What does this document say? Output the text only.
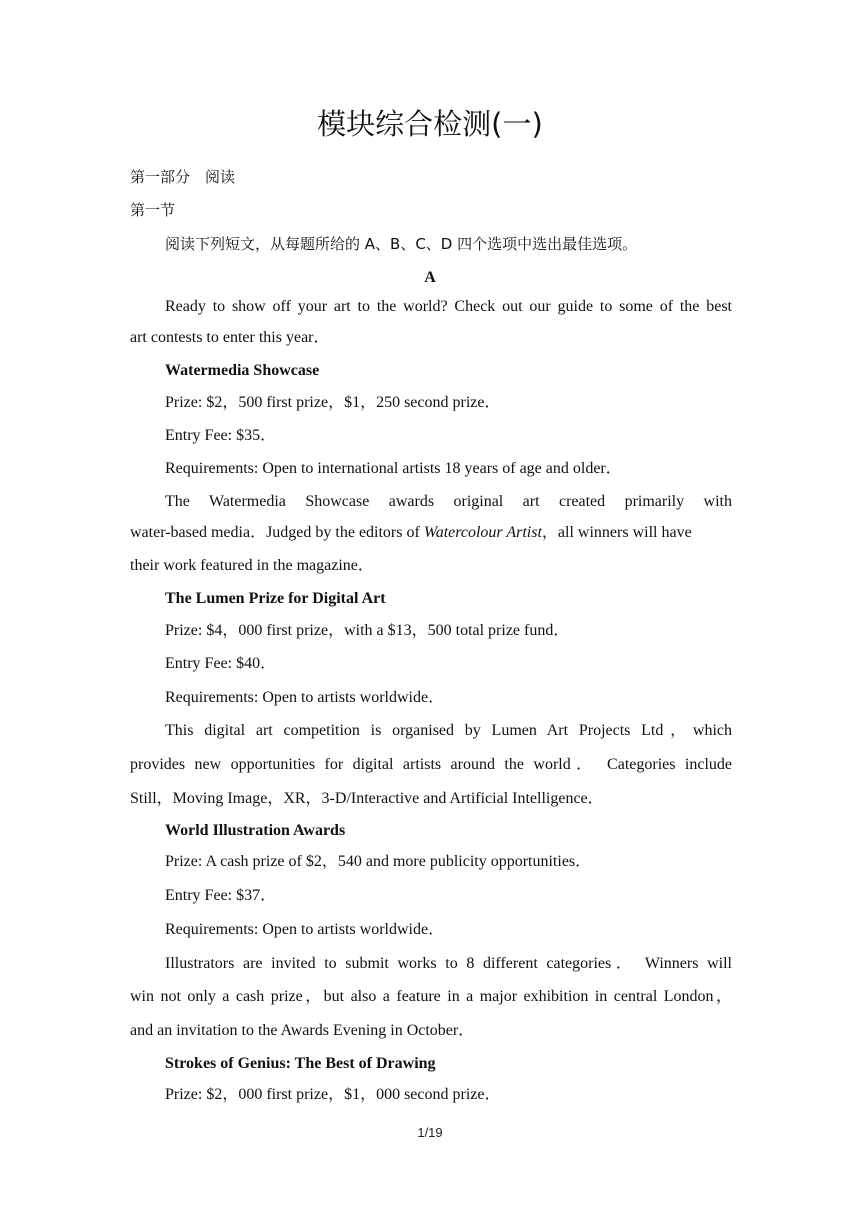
模块综合检测(一)
第一部分　阅读
第一节
阅读下列短文，从每题所给的 A、B、C、D 四个选项中选出最佳选项。
A
Ready to show off your art to the world? Check out our guide to some of the best
art contests to enter this year．
Watermedia Showcase
Prize: $2，500 first prize，$1，250 second prize．
Entry Fee: $35．
Requirements: Open to international artists 18 years of age and older．
The Watermedia Showcase awards original art created primarily with
water-based media．Judged by the editors of Watercolour Artist，all winners will have
their work featured in the magazine．
The Lumen Prize for Digital Art
Prize: $4，000 first prize，with a $13，500 total prize fund．
Entry Fee: $40．
Requirements: Open to artists worldwide．
This digital art competition is organised by Lumen Art Projects Ltd，which
provides new opportunities for digital artists around the world． Categories include
Still，Moving Image，XR，3-D/Interactive and Artificial Intelligence．
World Illustration Awards
Prize: A cash prize of $2，540 and more publicity opportunities．
Entry Fee: $37．
Requirements: Open to artists worldwide．
Illustrators are invited to submit works to 8 different categories． Winners will
win not only a cash prize，but also a feature in a major exhibition in central London，
and an invitation to the Awards Evening in October．
Strokes of Genius: The Best of Drawing
Prize: $2，000 first prize，$1，000 second prize．
1/19
